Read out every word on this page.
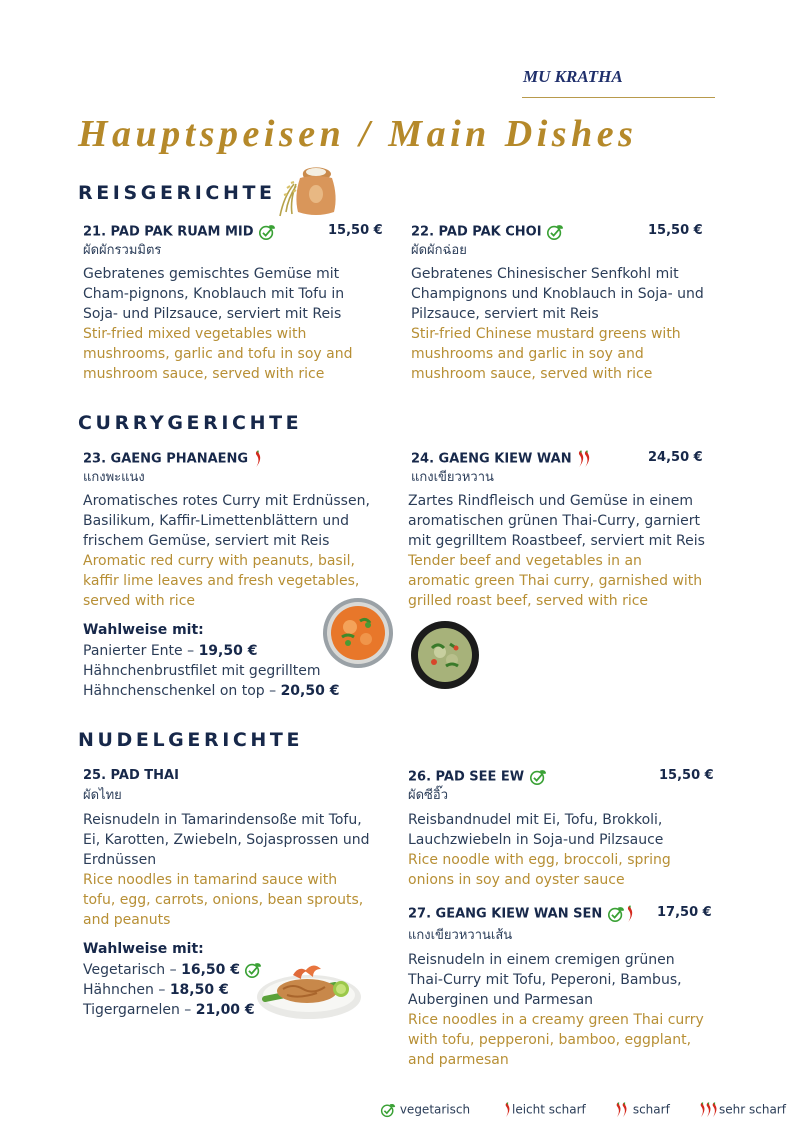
MU KRATHA
Hauptspeisen / Main Dishes
REISGERICHTE
21. PAD PAK RUAM MID	15,50 €
ผัดผักรวมมิตร
Gebratenes gemischtes Gemüse mit Cham-pignons, Knoblauch mit Tofu in Soja- und Pilzsauce, serviert mit Reis
Stir-fried mixed vegetables with mushrooms, garlic and tofu in soy and mushroom sauce, served with rice
22. PAD PAK CHOI	15,50 €
ผัดผักฉ่อย
Gebratenes Chinesischer Senfkohl mit Champignons und Knoblauch in Soja- und Pilzsauce, serviert mit Reis
Stir-fried Chinese mustard greens with mushrooms and garlic in soy and mushroom sauce, served with rice
CURRYGERICHTE
23. GAENG PHANAENG
แกงพะแนง
Aromatisches rotes Curry mit Erdnüssen, Basilikum, Kaffir-Limettenblättern und frischem Gemüse, serviert mit Reis
Aromatic red curry with peanuts, basil, kaffir lime leaves and fresh vegetables, served with rice
Wahlweise mit:
Panierter Ente – 19,50 €
Hähnchenbrustfilet mit gegrilltem
Hähnchenschenkel on top – 20,50 €
24. GAENG KIEW WAN	24,50 €
แกงเขียวหวาน
Zartes Rindfleisch und Gemüse in einem aromatischen grünen Thai-Curry, garniert mit gegrilltem Roastbeef, serviert mit Reis
Tender beef and vegetables in an aromatic green Thai curry, garnished with grilled roast beef, served with rice
NUDELGERICHTE
25. PAD THAI
ผัดไทย
Reisnudeln in Tamarindensoße mit Tofu, Ei, Karotten, Zwiebeln, Sojasprossen und Erdnüssen
Rice noodles in tamarind sauce with tofu, egg, carrots, onions, bean sprouts, and peanuts
Wahlweise mit:
Vegetarisch – 16,50 €
Hähnchen – 18,50 €
Tigergarnelen – 21,00 €
26. PAD SEE EW	15,50 €
ผัดซีอิ๊ว
Reisbandnudel mit Ei, Tofu, Brokkoli, Lauchzwiebeln in Soja-und Pilzsauce
Rice noodle with egg, broccoli, spring onions in soy and oyster sauce
27. GEANG KIEW WAN SEN	17,50 €
แกงเขียวหวานเส้น
Reisnudeln in einem cremigen grünen Thai-Curry mit Tofu, Peperoni, Bambus, Auberginen und Parmesan
Rice noodles in a creamy green Thai curry with tofu, pepperoni, bamboo, eggplant, and parmesan
vegetarisch	leicht scharf	scharf	sehr scharf
